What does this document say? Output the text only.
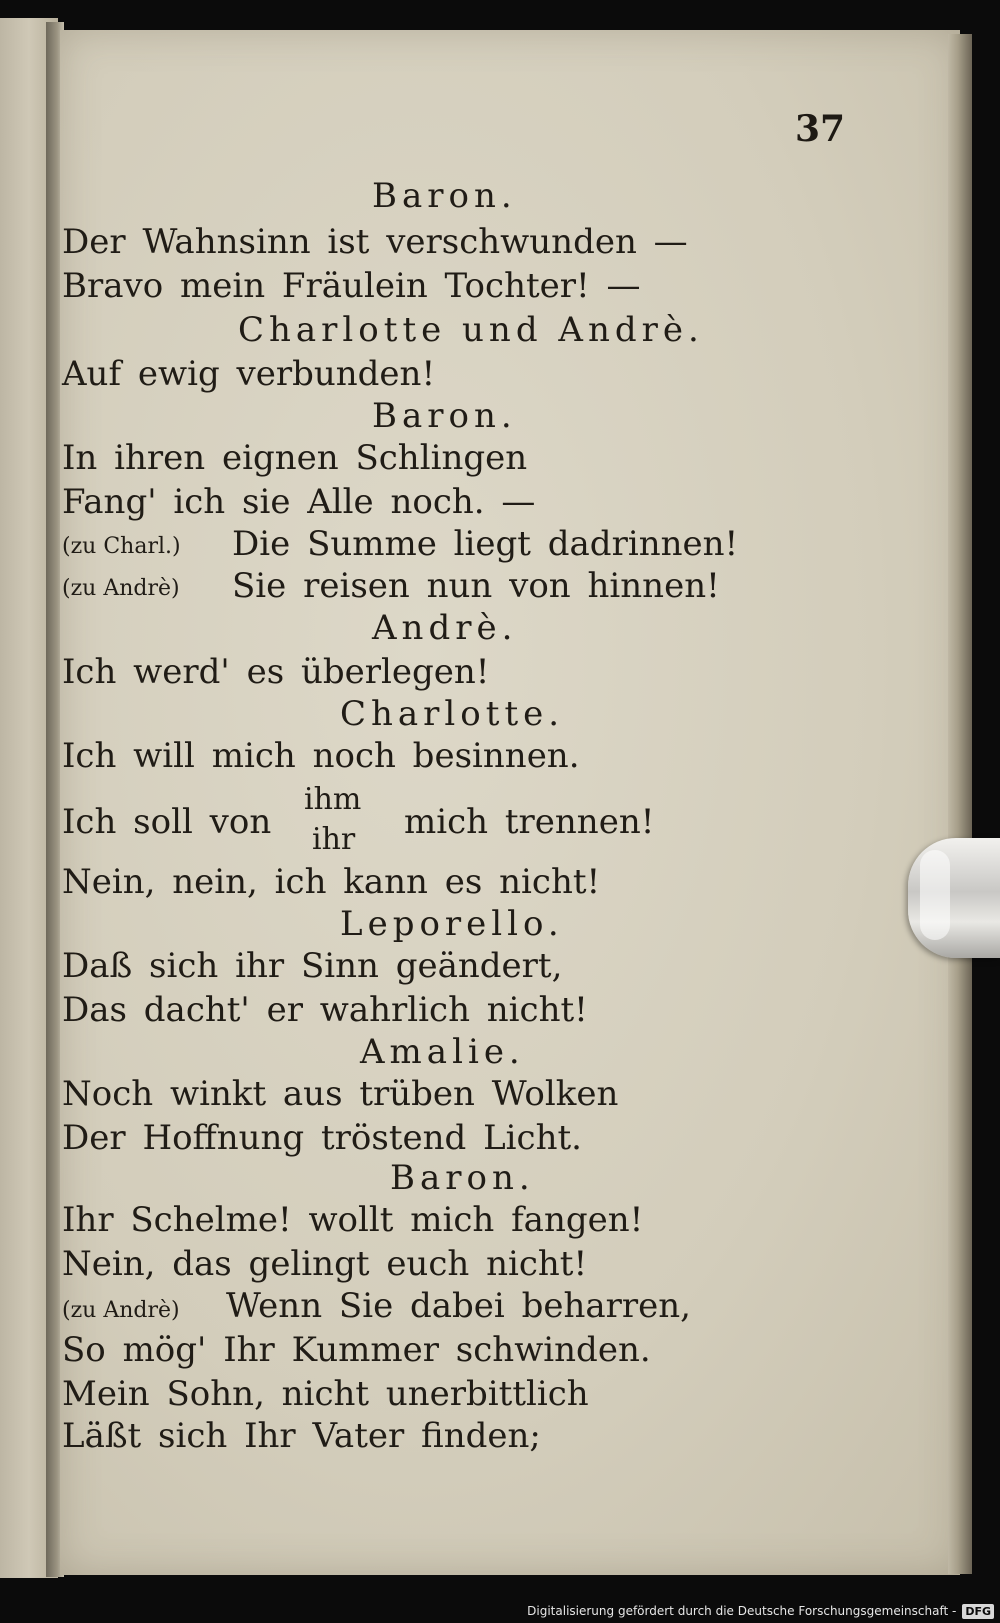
37
Baron.
Der Wahnsinn ist verschwunden —
Bravo mein Fräulein Tochter! —
Charlotte und Andrè.
Auf ewig verbunden!
Baron.
In ihren eignen Schlingen
Fang' ich sie Alle noch. —
(zu Charl.) Die Summe liegt dadrinnen!
(zu Andrè) Sie reisen nun von hinnen!
Andrè.
Ich werd' es überlegen!
Charlotte.
Ich will mich noch besinnen.
Ich soll von
ihm
ihr mich trennen!
Nein, nein, ich kann es nicht!
Leporello.
Daß sich ihr Sinn geändert,
Das dacht' er wahrlich nicht!
Amalie.
Noch winkt aus trüben Wolken
Der Hoffnung tröstend Licht.
Baron.
Ihr Schelme! wollt mich fangen!
Nein, das gelingt euch nicht!
(zu Andrè) Wenn Sie dabei beharren,
So mög' Ihr Kummer schwinden.
Mein Sohn, nicht unerbittlich
Läßt sich Ihr Vater finden;
Digitalisierung gefördert durch die Deutsche Forschungsgemeinschaft - DFG
